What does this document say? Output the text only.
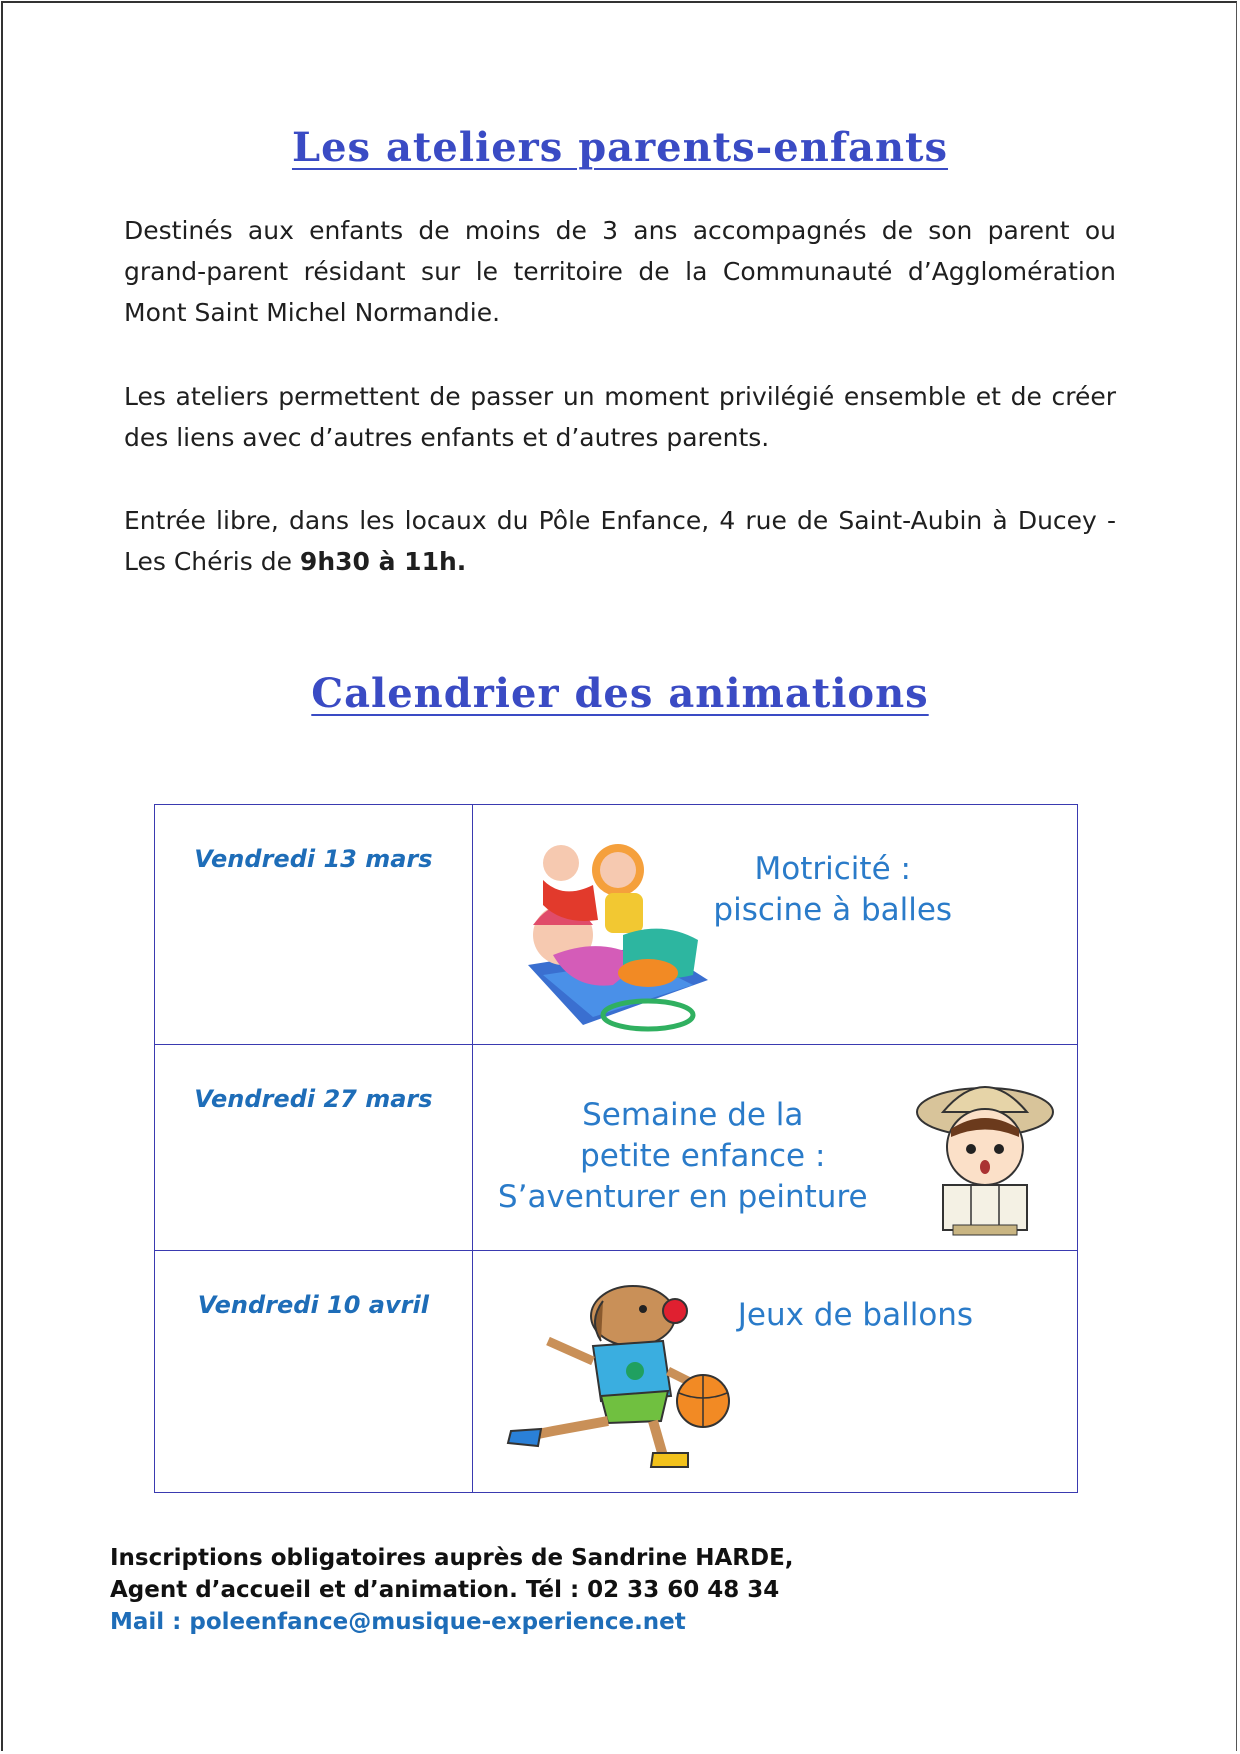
Les ateliers parents-enfants
Destinés aux enfants de moins de 3 ans accompagnés de son parent ou grand-parent résidant sur le territoire de la Communauté d’Agglomération Mont Saint Michel Normandie.
Les ateliers permettent de passer un moment privilégié ensemble et de créer des liens avec d’autres enfants et d’autres parents.
Entrée libre, dans les locaux du Pôle Enfance, 4 rue de Saint-Aubin à Ducey -Les Chéris de 9h30 à 11h.
Calendrier des animations
Vendredi 13 mars	Motricité :
piscine à balles

Vendredi 27 mars	Semaine de la
petite enfance :
S’aventurer en peinture

Vendredi 10 avril	Jeux de ballons
Inscriptions obligatoires auprès de Sandrine HARDE,
Agent d’accueil et d’animation. Tél : 02 33 60 48 34
Mail : poleenfance@musique-experience.net
